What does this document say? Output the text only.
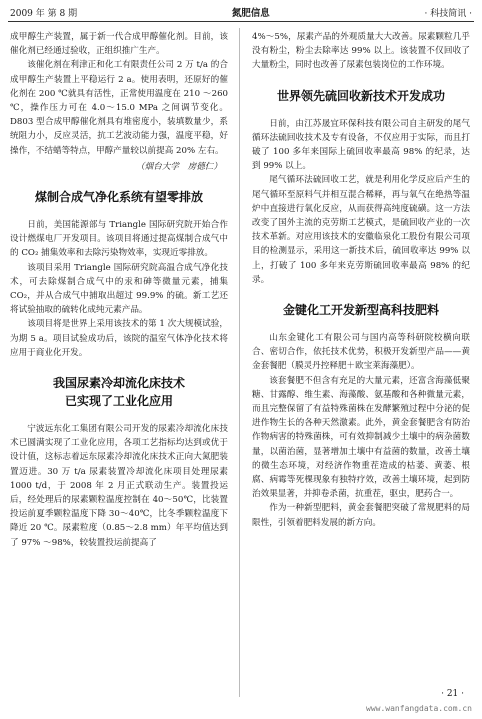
2009 年 第 8 期	氮肥信息	· 科技简讯 ·

成甲醇生产装置，属于新一代合成甲醇催化剂。目前，该催化剂已经通过验收，正组织推广生产。

该催化剂在利津正和化工有限责任公司 2 万 t/a 的合成甲醇生产装置上平稳运行 2 a。使用表明，还原好的催化剂在 200 ℃就具有活性，正常使用温度在 210 ～260 ℃，操作压力可在 4.0～15.0 MPa 之间调节变化。D803 型合成甲醇催化剂具有堆密度小，装填数量少，系统阻力小，反应灵活，抗工艺波动能力强，温度平稳，好操作，不结蜡等特点，甲醇产量较以前提高 20% 左右。

（烟台大学　房德仁）
煤制合成气净化系统有望零排放

日前，美国能源部与 Triangle 国际研究院开始合作设计燃煤电厂开发项目。该项目将通过提高煤制合成气中的 CO₂ 捕集效率和去除污染物效率，实现近零排放。

该项目采用 Triangle 国际研究院高温合成气净化技术，可去除煤制合成气中的汞和砷等微量元素，捕集 CO₂，并从合成气中捕取出超过 99.9% 的硫。新工艺还将试验抽取的硫转化成纯元素产品。

该项目将是世界上采用该技术的第 1 次大规模试验，为期 5 a。项目试验成功后，该院的温室气体净化技术将应用于商业化开发。

我国尿素冷却流化床技术
已实现了工业化应用

宁波远东化工集团有限公司开发的尿素冷却流化床技术已圆满实现了工业化应用，各项工艺指标均达到或优于设计值，这标志着远东尿素冷却流化床技术正向大氮肥装置迈进。30 万 t/a 尿素装置冷却流化床项目处理尿素 1000 t/d，于 2008 年 2 月正式联动生产。装置投运后，经处理后的尿素颗粒温度控制在 40～50℃，比装置投运前夏季颗粒温度下降 30～40℃，比冬季颗粒温度下降近 20 ℃。尿素粒度（0.85～2.8 mm）年平均值达到了 97% ～98%，较装置投运前提高了

4%～5%，尿素产品的外观质量大大改善。尿素颗粒几乎没有粉尘，粉尘去除率达 99% 以上。该装置不仅回收了大量粉尘，同时也改善了尿素包装岗位的工作环境。

世界领先硫回收新技术开发成功

日前，由江苏晟宜环保科技有限公司自主研发的尾气循环法硫回收技术及专有设备，不仅应用于实际，而且打破了 100 多年来国际上硫回收率最高 98% 的纪录，达到 99% 以上。

尾气循环法硫回收工艺，就是利用化学反应后产生的尾气循环至原料气并相互混合稀释，再与氧气在绝热等温炉中直接进行氧化反应，从而获得高纯度硫磺。这一方法改变了国外主流的克劳斯工艺模式，是硫回收产业的一次技术革新。对应用该技术的安徽临泉化工股份有限公司项目的检测显示，采用这一新技术后，硫回收率达 99% 以上，打破了 100 多年来克劳斯硫回收率最高 98% 的纪录。

金键化工开发新型高科技肥料

山东金键化工有限公司与国内高等科研院校横向联合、密切合作，依托技术优势，积极开发新型产品——黄金套餐肥（膜灵丹控释肥＋欧宝莱海藻肥）。

该套餐肥不但含有充足的大量元素，还富含海藻低聚糖、甘露醇、维生素、海藻酸、氨基酸和各种微量元素，而且完整保留了有益特殊菌株在发酵繁殖过程中分泌的促进作物生长的各种天然激素。此外，黄金套餐肥含有防治作物病害的特殊菌株，可有效抑制减少土壤中的病杂菌数量，以菌治菌，显著增加土壤中有益菌的数量，改善土壤的微生态环境，对经济作物重茬造成的枯萎、黄萎、根腐、病霉等死棵现象有独特疗效，改善土壤环境，起到防治效果显著，并抑卷杀菌，抗重茬，驱虫，肥药合一。

作为一种新型肥料，黄金套餐肥突破了常规肥料的局限性，引领着肥料发展的新方向。

· 21 ·
www.wanfangdata.com.cn
